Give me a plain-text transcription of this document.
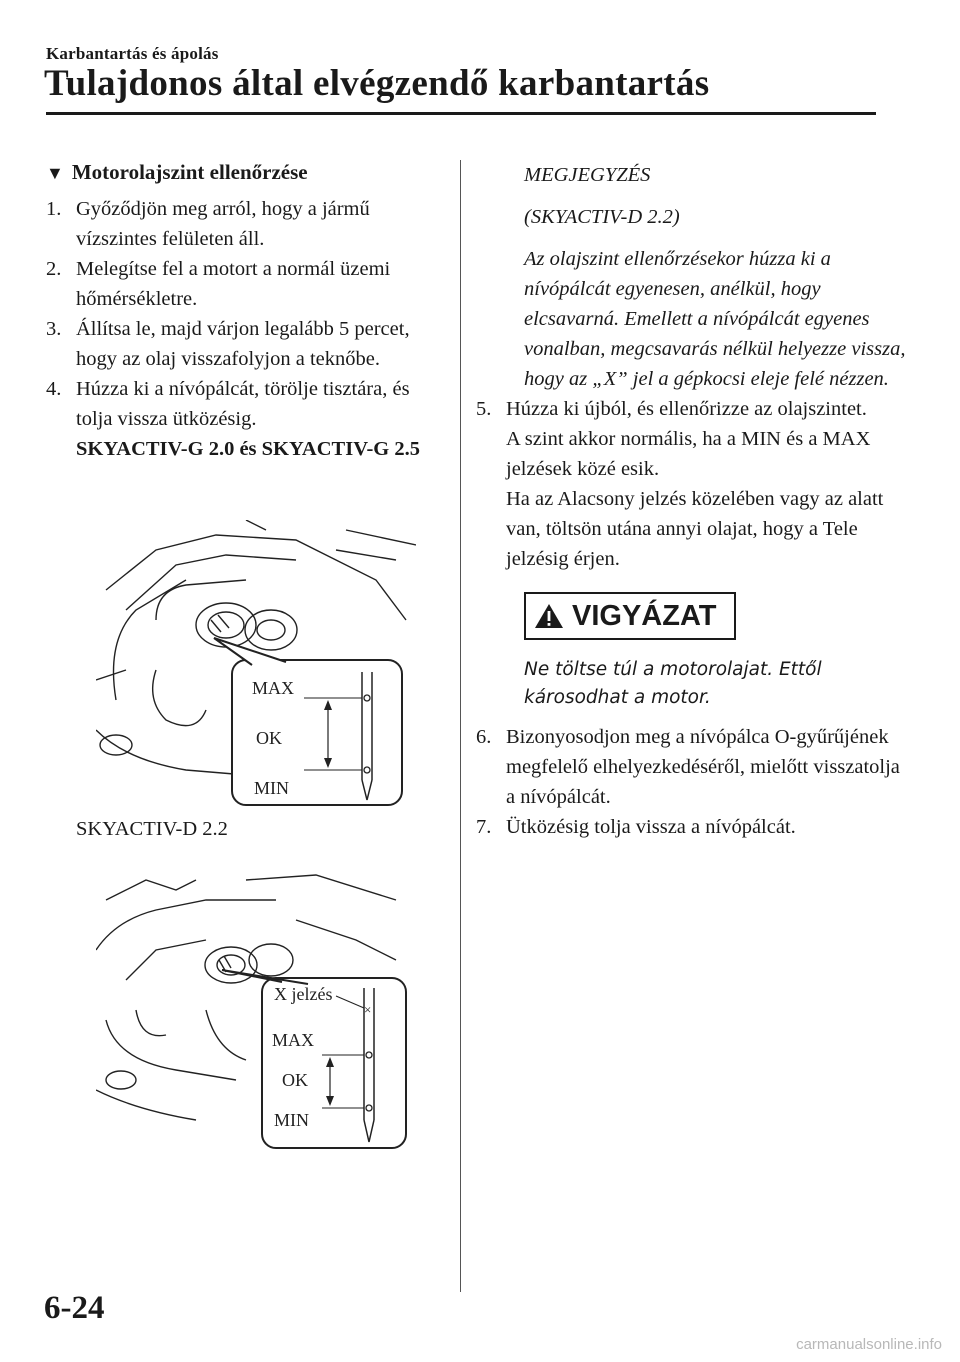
Karbantartás és ápolás
Tulajdonos által elvégzendő karbantartás
▼ Motorolajszint ellenőrzése
1. Győződjön meg arról, hogy a jármű vízszintes felületen áll.
2. Melegítse fel a motort a normál üzemi hőmérsékletre.
3. Állítsa le, majd várjon legalább 5 percet, hogy az olaj visszafolyjon a teknőbe.
4. Húzza ki a nívópálcát, törölje tisztára, és tolja vissza ütközésig.
SKYACTIV-G 2.0 és SKYACTIV-G 2.5
MAX
OK
MIN
SKYACTIV-D 2.2
×
X jelzés
MAX
OK
MIN

MEGJEGYZÉS

(SKYACTIV-D 2.2)

Az olajszint ellenőrzésekor húzza ki a nívópálcát egyenesen, anélkül, hogy elcsavarná. Emellett a nívópálcát egyenes vonalban, megcsavarás nélkül helyezze vissza, hogy az „X” jel a gépkocsi eleje felé nézzen.

5. Húzza ki újból, és ellenőrizze az olajszintet.
A szint akkor normális, ha a MIN és a MAX jelzések közé esik.
Ha az Alacsony jelzés közelében vagy az alatt van, töltsön utána annyi olajat, hogy a Tele jelzésig érjen.
VIGYÁZAT
Ne töltse túl a motorolajat. Ettől károsodhat a motor.
6. Bizonyosodjon meg a nívópálca O-gyűrűjének megfelelő elhelyezkedéséről, mielőtt visszatolja a nívópálcát.
7. Ütközésig tolja vissza a nívópálcát.
6-24
carmanualsonline.info
